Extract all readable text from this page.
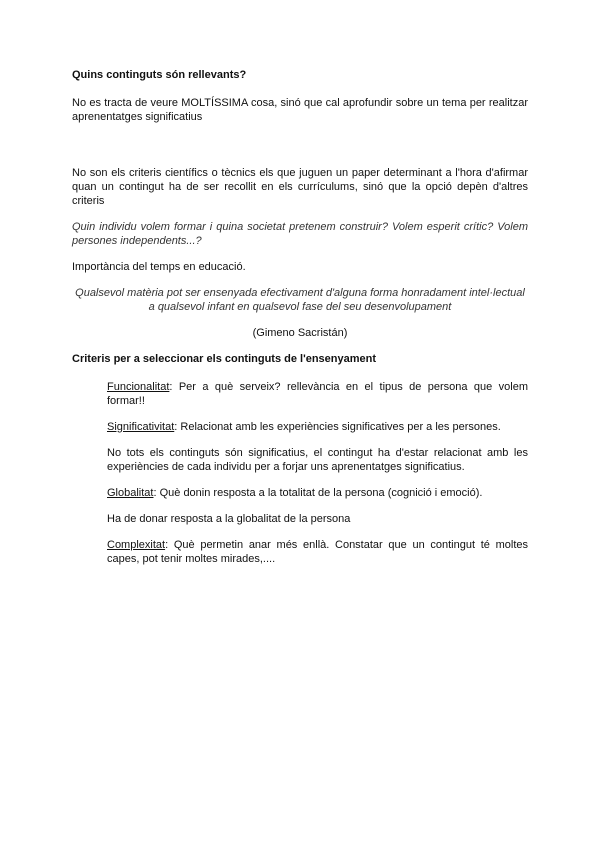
Quins continguts són rellevants?

No es tracta de veure MOLTÍSSIMA cosa, sinó que cal aprofundir sobre un tema per realitzar aprenentatges significatius

No son els criteris científics o tècnics els que juguen un paper determinant a l'hora d'afirmar quan un contingut ha de ser recollit en els currículums, sinó que la opció depèn d'altres criteris

Quin individu volem formar i quina societat pretenem construir? Volem esperit crític? Volem persones independents...?

Importància del temps en educació.

Qualsevol matèria pot ser ensenyada efectivament d'alguna forma honradament intel·lectual a qualsevol infant en qualsevol fase del seu desenvolupament

(Gimeno Sacristán)

Criteris per a seleccionar els continguts de l'ensenyament

Funcionalitat: Per a què serveix? rellevància en el tipus de persona que volem formar!!

Significativitat: Relacionat amb les experiències significatives per a les persones.

No tots els continguts són significatius, el contingut ha d'estar relacionat amb les experiències de cada individu per a forjar uns aprenentatges significatius.

Globalitat: Què donin resposta a la totalitat de la persona (cognició i emoció).

Ha de donar resposta a la globalitat de la persona

Complexitat: Què permetin anar més enllà. Constatar que un contingut té moltes capes, pot tenir moltes mirades,....
